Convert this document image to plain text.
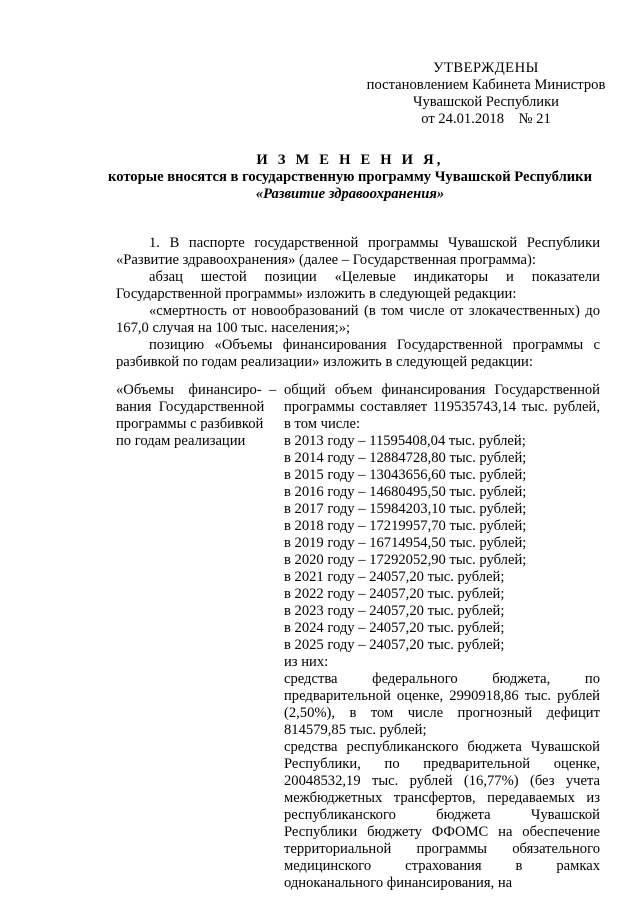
УТВЕРЖДЕНЫ
постановлением Кабинета Министров
Чувашской Республики
от 24.01.2018    № 21
И З М Е Н Е Н И Я,
которые вносятся в государственную программу Чувашской Республики
«Развитие здравоохранения»

1. В паспорте государственной программы Чувашской Республики «Развитие здравоохранения» (далее – Государственная программа):

абзац шестой позиции «Целевые индикаторы и показатели Государственной программы» изложить в следующей редакции:

«смертность от новообразований (в том числе от злокачественных) до 167,0 случая на 100 тыс. населения;»;

позицию «Объемы финансирования Государственной программы с разбивкой по годам реализации» изложить в следующей редакции:

«Объемы    финансиро-  –
вания  Государственной
программы с разбивкой
по годам реализации

общий объем финансирования Государственной программы составляет 119535743,14 тыс. рублей, в том числе:

в 2013 году – 11595408,04 тыс. рублей;
в 2014 году – 12884728,80 тыс. рублей;
в 2015 году – 13043656,60 тыс. рублей;
в 2016 году – 14680495,50 тыс. рублей;
в 2017 году – 15984203,10 тыс. рублей;
в 2018 году – 17219957,70 тыс. рублей;
в 2019 году – 16714954,50 тыс. рублей;
в 2020 году – 17292052,90 тыс. рублей;
в 2021 году – 24057,20 тыс. рублей;
в 2022 году – 24057,20 тыс. рублей;
в 2023 году – 24057,20 тыс. рублей;
в 2024 году – 24057,20 тыс. рублей;
в 2025 году – 24057,20 тыс. рублей;

из них:

средства федерального бюджета, по предварительной оценке, 2990918,86 тыс. рублей (2,50%), в том числе прогнозный дефицит 814579,85 тыс. рублей;

средства республиканского бюджета Чувашской Республики, по предварительной оценке, 20048532,19 тыс. рублей (16,77%) (без учета межбюджетных трансфертов, передаваемых из республиканского бюджета Чувашской Республики бюджету ФФОМС на обеспечение территориальной программы обязательного медицинского страхования в рамках одноканального финансирования, на
